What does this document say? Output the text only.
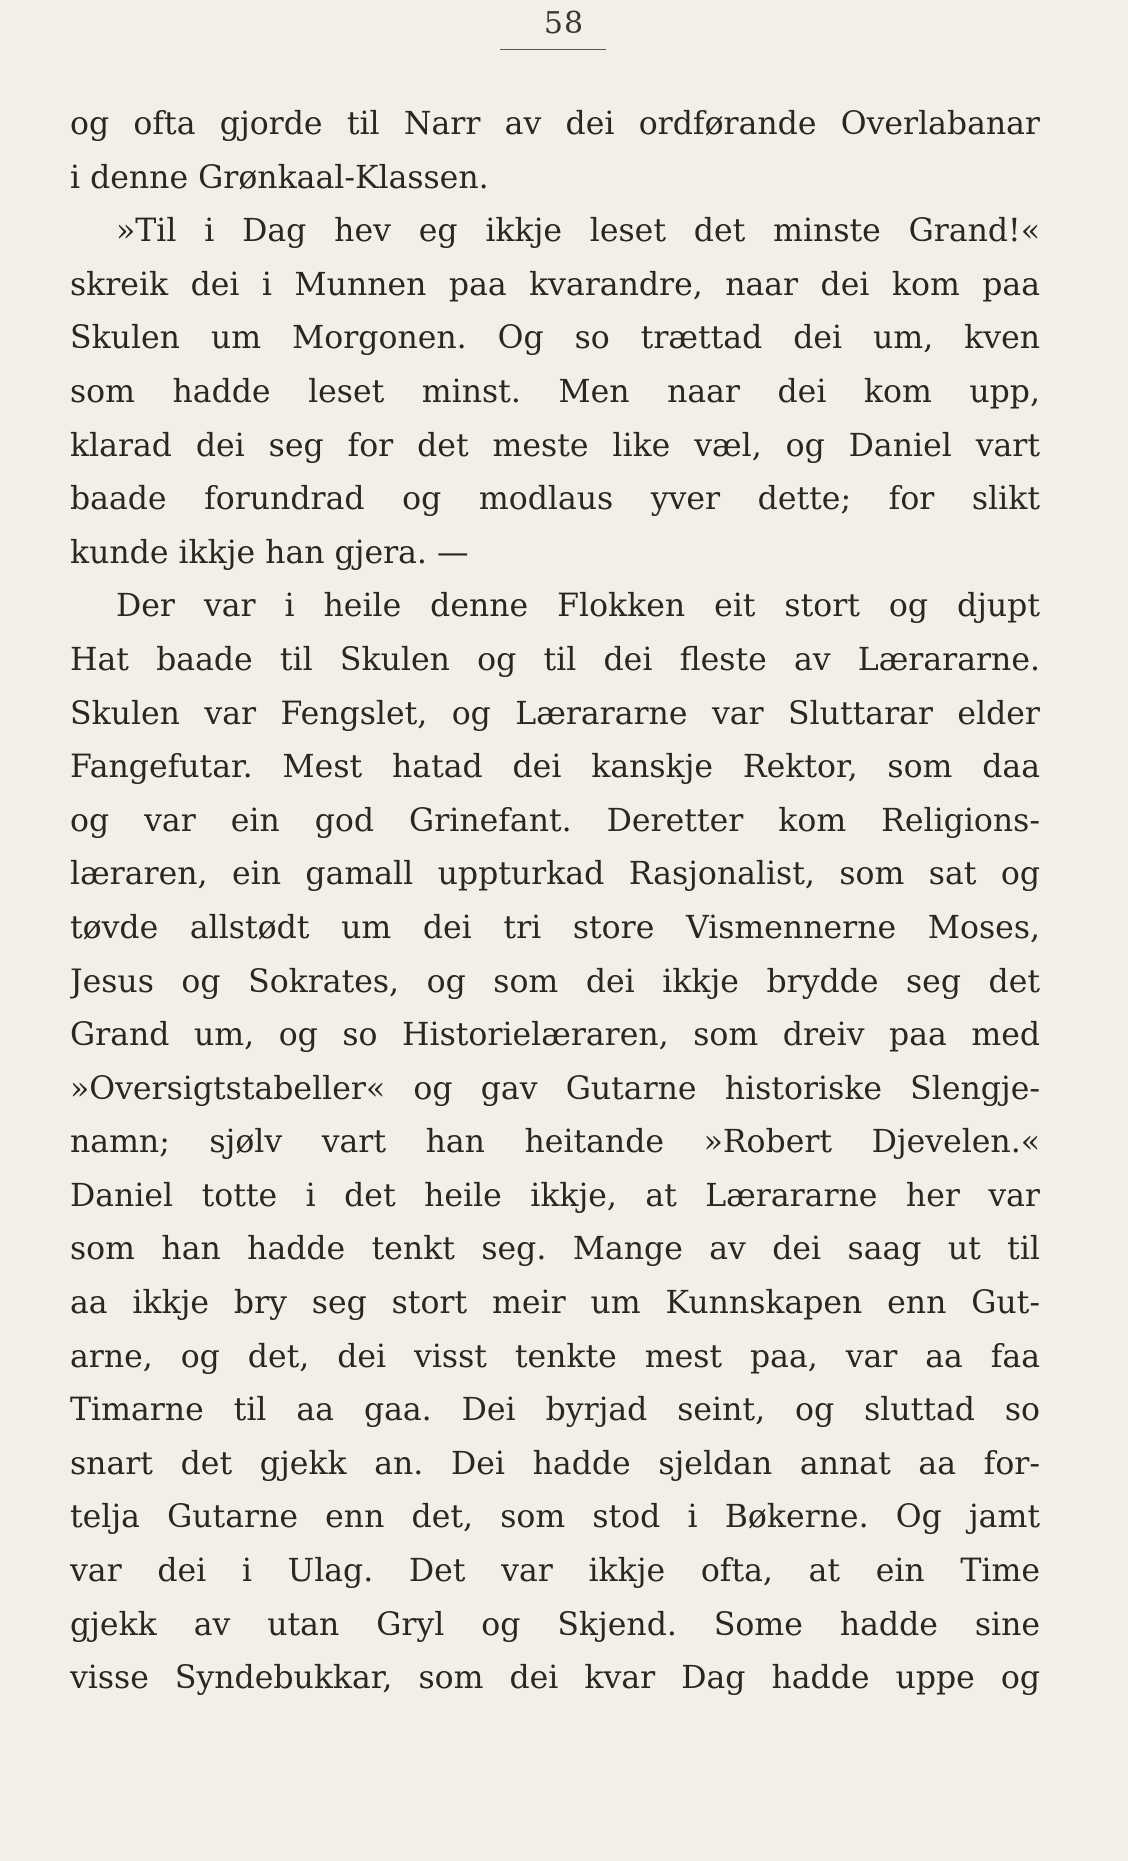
58
og ofta gjorde til Narr av dei ordførande Overlabanar
i denne Grønkaal-Klassen.
»Til i Dag hev eg ikkje leset det minste Grand!«
skreik dei i Munnen paa kvarandre, naar dei kom paa
Skulen um Morgonen. Og so trættad dei um, kven
som hadde leset minst. Men naar dei kom upp,
klarad dei seg for det meste like væl, og Daniel vart
baade forundrad og modlaus yver dette; for slikt
kunde ikkje han gjera. —
Der var i heile denne Flokken eit stort og djupt
Hat baade til Skulen og til dei fleste av Lærararne.
Skulen var Fengslet, og Lærararne var Sluttarar elder
Fangefutar. Mest hatad dei kanskje Rektor, som daa
og var ein god Grinefant. Deretter kom Religions-
læraren, ein gamall uppturkad Rasjonalist, som sat og
tøvde allstødt um dei tri store Vismennerne Moses,
Jesus og Sokrates, og som dei ikkje brydde seg det
Grand um, og so Historielæraren, som dreiv paa med
»Oversigtstabeller« og gav Gutarne historiske Slengje-
namn; sjølv vart han heitande »Robert Djevelen.«
Daniel totte i det heile ikkje, at Lærararne her var
som han hadde tenkt seg. Mange av dei saag ut til
aa ikkje bry seg stort meir um Kunnskapen enn Gut-
arne, og det, dei visst tenkte mest paa, var aa faa
Timarne til aa gaa. Dei byrjad seint, og sluttad so
snart det gjekk an. Dei hadde sjeldan annat aa for-
telja Gutarne enn det, som stod i Bøkerne. Og jamt
var dei i Ulag. Det var ikkje ofta, at ein Time
gjekk av utan Gryl og Skjend. Some hadde sine
visse Syndebukkar, som dei kvar Dag hadde uppe og
